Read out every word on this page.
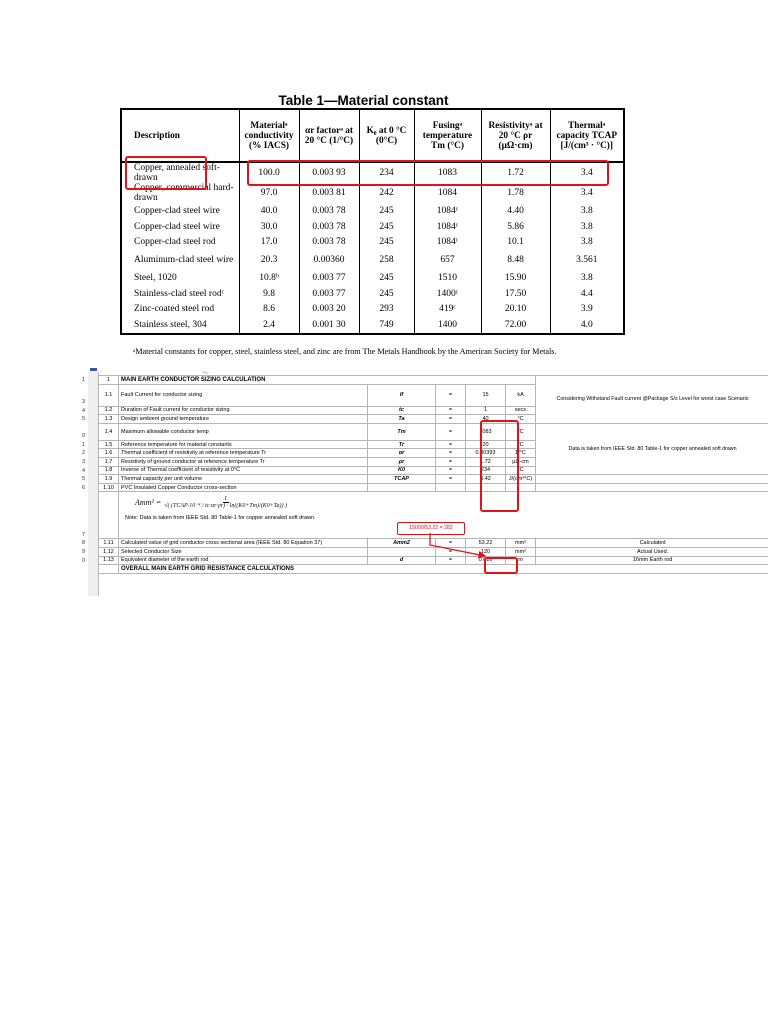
Table 1—Material constant
Description	Materialᵃ conductivity (% IACS)	αr factorᵃ at 20 °C (1/°C)	K₀ at 0 °C (0°C)	Fusingᵃ temperature Tm (°C)	Resistivityᵃ at 20 °C ρr (μΩ·cm)	Thermalᵃ capacity TCAP [J/(cm³ · °C)]
Copper, annealed soft-drawn	100.0	0.003 93	234	1083	1.72	3.4
Copper, commercial hard-drawn	97.0	0.003 81	242	1084	1.78	3.4
Copper-clad steel wire	40.0	0.003 78	245	1084ᶜ	4.40	3.8
Copper-clad steel wire	30.0	0.003 78	245	1084ᶜ	5.86	3.8
Copper-clad steel rod	17.0	0.003 78	245	1084ᶜ	10.1	3.8
Aluminum-clad steel wire	20.3	0.00360	258	657	8.48	3.561
Steel, 1020	10.8ᵇ	0.003 77	245	1510	15.90	3.8
Stainless-clad steel rodᶜ	9.8	0.003 77	245	1400ᶜ	17.50	4.4
Zinc-coated steel rod	8.6	0.003 20	293	419ᶜ	20.10	3.9
Stainless steel, 304	2.4	0.001 30	749	1400	72.00	4.0
ᵃMaterial constants for copper, steel, stainless steel, and zinc are from The Metals Handbook by the American Society for Metals.
〜
1	MAIN EARTH CONDUCTOR SIZING CALCULATION					Considering Withstand Fault current @Package S/s Level for worst case Scenario
1.1	Fault Current for conductor sizing	If	=	15	kA	
1.2	Duration of Fault current for conductor sizing	tc	=	1	secs	
1.3	Design ambient ground temperature	Ta	=	40	°C	
1.4	Maximum allowable conductor temp	Tm	=	1083	°C	Data is taken from IEEE Std. 80 Table-1 for copper annealed soft drawn
1.5	Reference temperature for material constants	Tr	=	20	°C	
1.6	Thermal coefficient of resistivity at reference temperature Tr	αr	=	0.00393	1/°C	
1.7	Resistivity of ground conductor at reference temperature Tr	ρr	=	1.72	μΩ-cm	
1.8	Inverse of Thermal coefficient of resistivity at 0°C	K0	=	234	°C	
1.9	Thermal capacity per unit volume	TCAP	=	3.42	J/(cm³°C)	
1.10	PVC Insulated Copper Conductor cross-section					

	$Amm^2 = \frac{I}{\text{√( (TCAP·10⁻⁴ / tc·αr·ρr) · ln((K0+Tm)/(K0+Ta)) )}}$
Note: Data is taken from IEEE Std. 80 Table-1 for copper annealed soft drawn.					

1.11	Calculated value of grid conductor cross sectional area (IEEE Std. 80 Equation 37)	Amm2	=	53.22	mm²	Calculated
1.12	Selected Conductor Size		=	120	mm²	Actual Used.
1.13	Equivalent diameter of the earth rod	d	=	0.016	m	16mm Earth rod
	OVERALL MAIN EARTH GRID RESISTANCE CALCULATIONS					
15000/53.22 = 282
1
3
4
5
0
1
2
3
4
5
6
7
8
9
0
